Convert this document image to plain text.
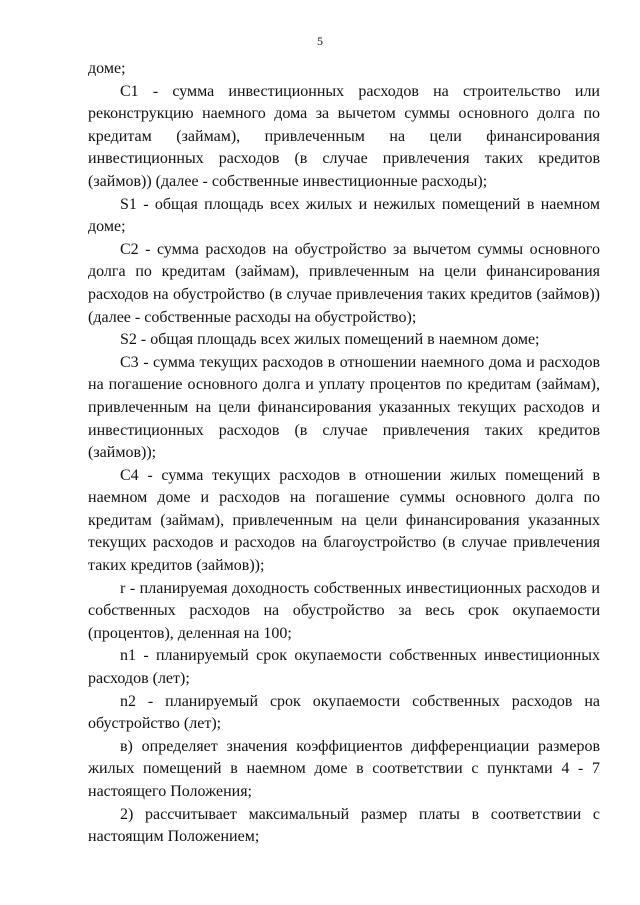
5

доме;

С1 - сумма инвестиционных расходов на строительство или реконструкцию наемного дома за вычетом суммы основного долга по кредитам (займам), привлеченным на цели финансирования инвестиционных расходов (в случае привлечения таких кредитов (займов)) (далее - собственные инвестиционные расходы);

S1 - общая площадь всех жилых и нежилых помещений в наемном доме;

С2 - сумма расходов на обустройство за вычетом суммы основного долга по кредитам (займам), привлеченным на цели финансирования расходов на обустройство (в случае привлечения таких кредитов (займов)) (далее - собственные расходы на обустройство);

S2 - общая площадь всех жилых помещений в наемном доме;

С3 - сумма текущих расходов в отношении наемного дома и расходов на погашение основного долга и уплату процентов по кредитам (займам), привлеченным на цели финансирования указанных текущих расходов и инвестиционных расходов (в случае привлечения таких кредитов (займов));

С4 - сумма текущих расходов в отношении жилых помещений в наемном доме и расходов на погашение суммы основного долга по кредитам (займам), привлеченным на цели финансирования указанных текущих расходов и расходов на благоустройство (в случае привлечения таких кредитов (займов));

r - планируемая доходность собственных инвестиционных расходов и собственных расходов на обустройство за весь срок окупаемости (процентов), деленная на 100;

n1 - планируемый срок окупаемости собственных инвестиционных расходов (лет);

n2 - планируемый срок окупаемости собственных расходов на обустройство (лет);

в) определяет значения коэффициентов дифференциации размеров жилых помещений в наемном доме в соответствии с пунктами 4 - 7 настоящего Положения;

2) рассчитывает максимальный размер платы в соответствии с настоящим Положением;
